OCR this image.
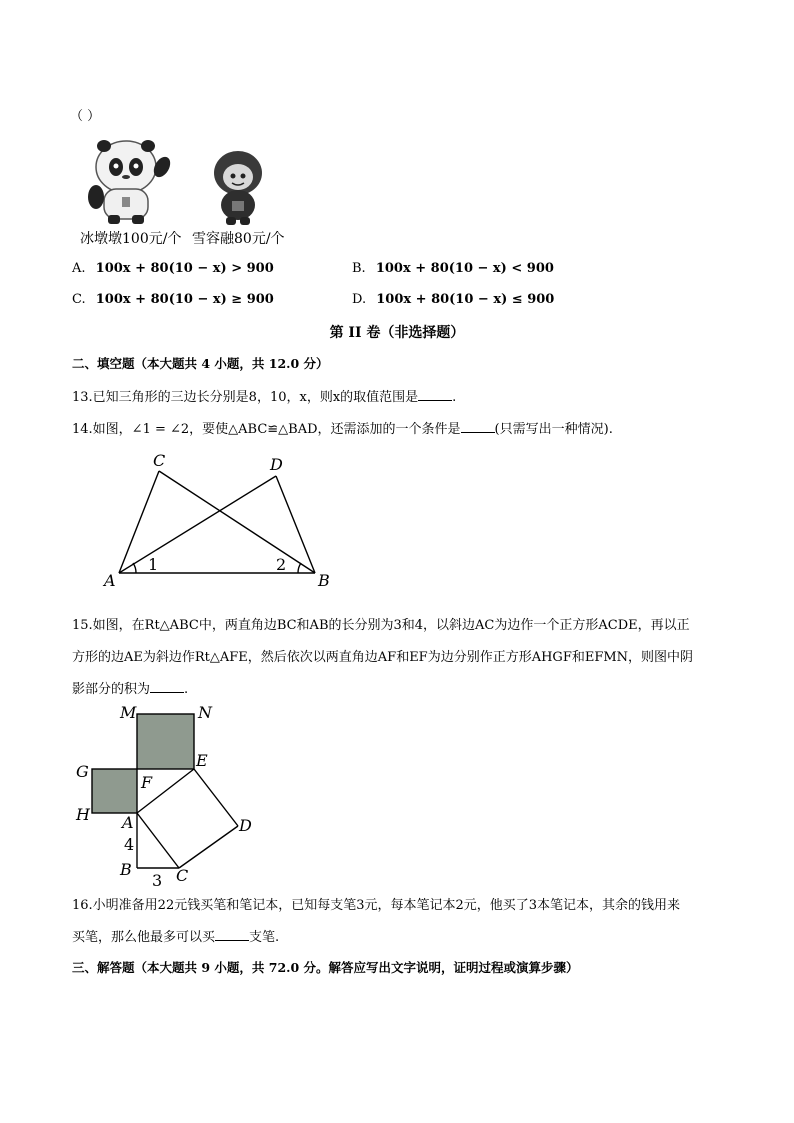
（ ）
冰墩墩100元/个 雪容融80元/个
A. 100x + 80(10 − x) > 900	B. 100x + 80(10 − x) < 900
C. 100x + 80(10 − x) ≥ 900	D. 100x + 80(10 − x) ≤ 900
第 II 卷（非选择题）
二、填空题（本大题共 4 小题，共 12.0 分）
13.已知三角形的三边长分别是8，10，x，则x的取值范围是	.
14.如图，∠1 = ∠2，要使△ABC≌△BAD，还需添加的一个条件是	(只需写出一种情况).
A	B
C	D
1	2
15.如图，在Rt△ABC中，两直角边BC和AB的长分别为3和4，以斜边AC为边作一个正方形ACDE，再以正
方形的边AE为斜边作Rt△AFE，然后依次以两直角边AF和EF为边分别作正方形AHGF和EFMN，则图中阴
影部分的积为	.
M	N
G
E
F
H A	D
4
B
3 C
16.小明准备用22元钱买笔和笔记本，已知每支笔3元，每本笔记本2元，他买了3本笔记本，其余的钱用来
买笔，那么他最多可以买	支笔.
三、解答题（本大题共 9 小题，共 72.0 分。解答应写出文字说明，证明过程或演算步骤）
